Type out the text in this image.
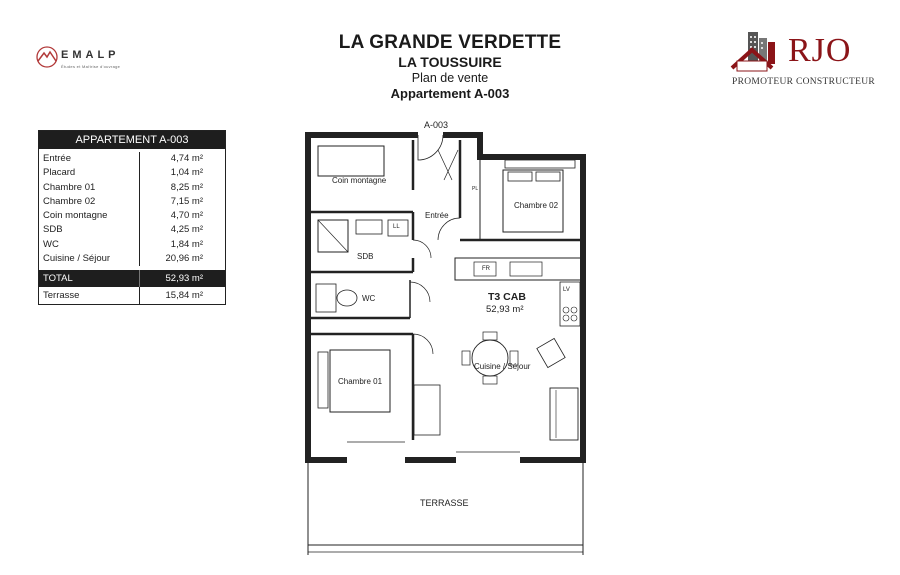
EMALP
Études et Maîtrise d'ouvrage
LA GRANDE VERDETTE
LA TOUSSUIRE
Plan de vente
Appartement A-003
RJO
PROMOTEUR CONSTRUCTEUR
APPARTEMENT A-003
Entrée	4,74 m²
Placard	1,04 m²
Chambre 01	8,25 m²
Chambre 02	7,15 m²
Coin montagne	4,70 m²
SDB	4,25 m²
WC	1,84 m²
Cuisine / Séjour	20,96 m²
TOTAL	52,93 m²
Terrasse	15,84 m²
A-003
Coin montagne
Entrée
Chambre 02
SDB
LL
WC
FR
LV
T3 CAB
52,93 m²
Cuisine / Séjour
Chambre 01
TERRASSE
PL
